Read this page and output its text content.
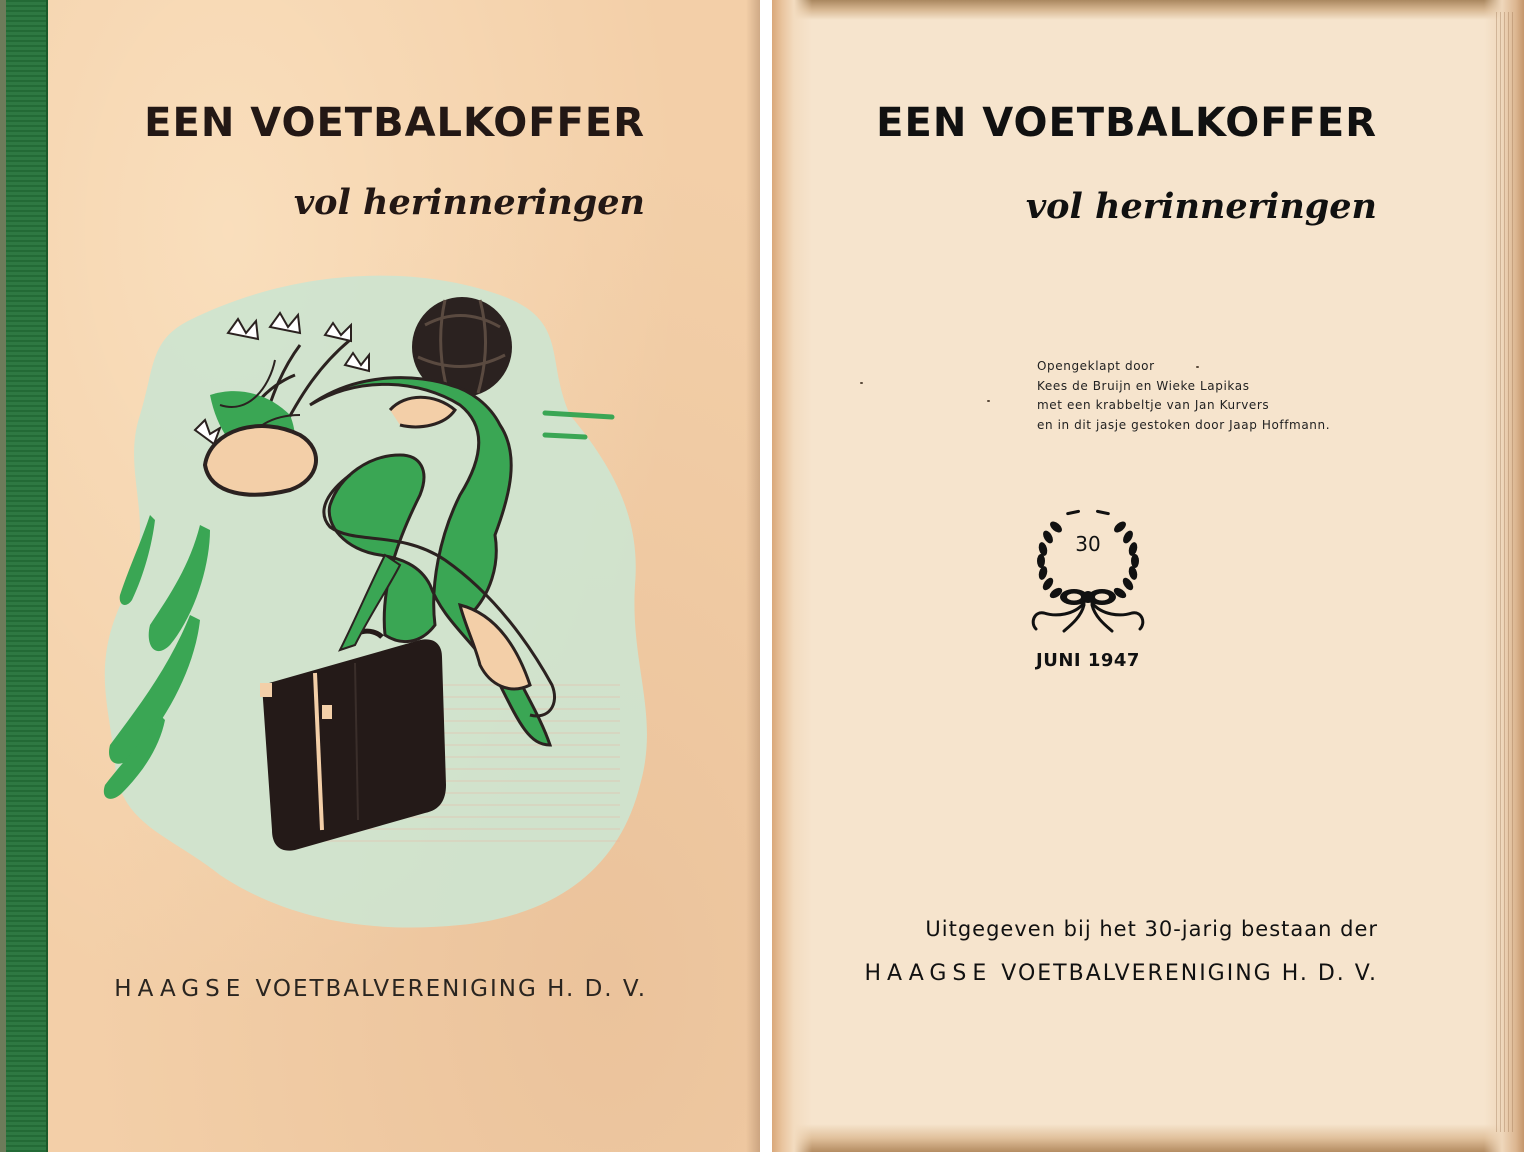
EEN VOETBALKOFFER
vol herinneringen
HAAGSE VOETBALVERENIGING H. D. V.
EEN VOETBALKOFFER
vol herinneringen
Opengeklapt door
Kees de Bruijn en Wieke Lapikas
met een krabbeltje van Jan Kurvers
en in dit jasje gestoken door Jaap Hoffmann.
30
JUNI 1947
Uitgegeven bij het 30-jarig bestaan der
HAAGSE VOETBALVERENIGING H. D. V.
